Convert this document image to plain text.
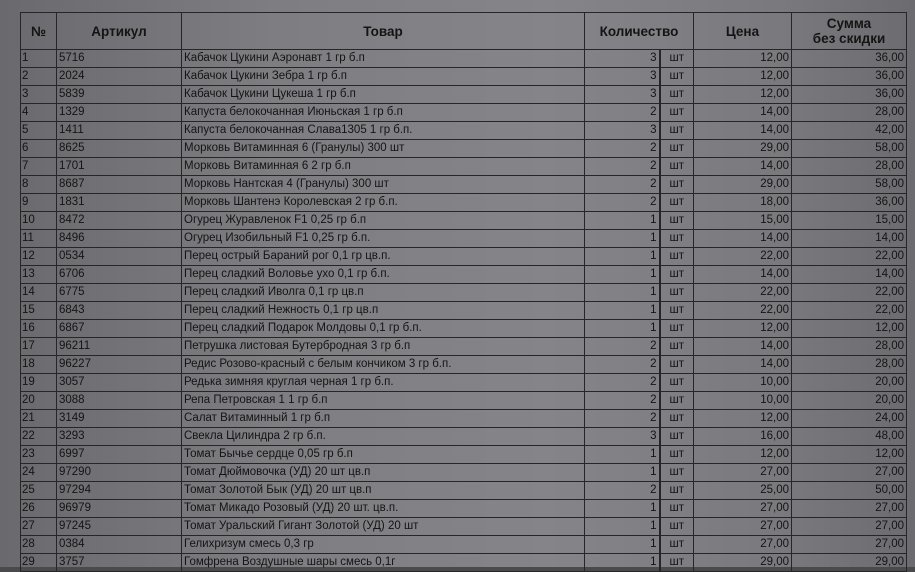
№	Артикул	Товар	Количество		Цена	Сумма
без скидки
1	5716	Кабачок Цукини Аэронавт 1 гр б.п	3	шт	12,00	36,00
2	2024	Кабачок Цукини Зебра 1 гр б.п	3	шт	12,00	36,00
3	5839	Кабачок Цукини Цукеша 1 гр б.п	3	шт	12,00	36,00
4	1329	Капуста белокочанная Июньская 1 гр б.п	2	шт	14,00	28,00
5	1411	Капуста белокочанная Слава1305 1 гр б.п.	3	шт	14,00	42,00
6	8625	Морковь Витаминная 6 (Гранулы) 300 шт	2	шт	29,00	58,00
7	1701	Морковь Витаминная 6 2 гр б.п	2	шт	14,00	28,00
8	8687	Морковь Нантская 4 (Гранулы) 300 шт	2	шт	29,00	58,00
9	1831	Морковь Шантенэ Королевская 2 гр б.п.	2	шт	18,00	36,00
10	8472	Огурец Журавленок F1 0,25 гр б.п	1	шт	15,00	15,00
11	8496	Огурец Изобильный F1 0,25 гр б.п.	1	шт	14,00	14,00
12	0534	Перец острый Бараний рог 0,1 гр цв.п.	1	шт	22,00	22,00
13	6706	Перец сладкий Воловье ухо 0,1 гр б.п.	1	шт	14,00	14,00
14	6775	Перец сладкий Иволга 0,1 гр цв.п	1	шт	22,00	22,00
15	6843	Перец сладкий Нежность 0,1 гр цв.п	1	шт	22,00	22,00
16	6867	Перец сладкий Подарок Молдовы 0,1 гр б.п.	1	шт	12,00	12,00
17	96211	Петрушка листовая Бутербродная 3 гр б.п	2	шт	14,00	28,00
18	96227	Редис Розово-красный с белым кончиком 3 гр б.п.	2	шт	14,00	28,00
19	3057	Редька зимняя круглая черная 1 гр б.п.	2	шт	10,00	20,00
20	3088	Репа Петровская 1 1 гр б.п	2	шт	10,00	20,00
21	3149	Салат Витаминный 1 гр б.п	2	шт	12,00	24,00
22	3293	Свекла Цилиндра 2 гр б.п.	3	шт	16,00	48,00
23	6997	Томат Бычье сердце 0,05 гр б.п	1	шт	12,00	12,00
24	97290	Томат Дюймовочка (УД) 20 шт цв.п	1	шт	27,00	27,00
25	97294	Томат Золотой Бык (УД) 20 шт цв.п	2	шт	25,00	50,00
26	96979	Томат Микадо Розовый (УД) 20 шт. цв.п.	1	шт	27,00	27,00
27	97245	Томат Уральский Гигант Золотой (УД) 20 шт	1	шт	27,00	27,00
28	0384	Гелихризум смесь 0,3 гр	1	шт	27,00	27,00
29	3757	Гомфрена Воздушные шары смесь 0,1г	1	шт	29,00	29,00
